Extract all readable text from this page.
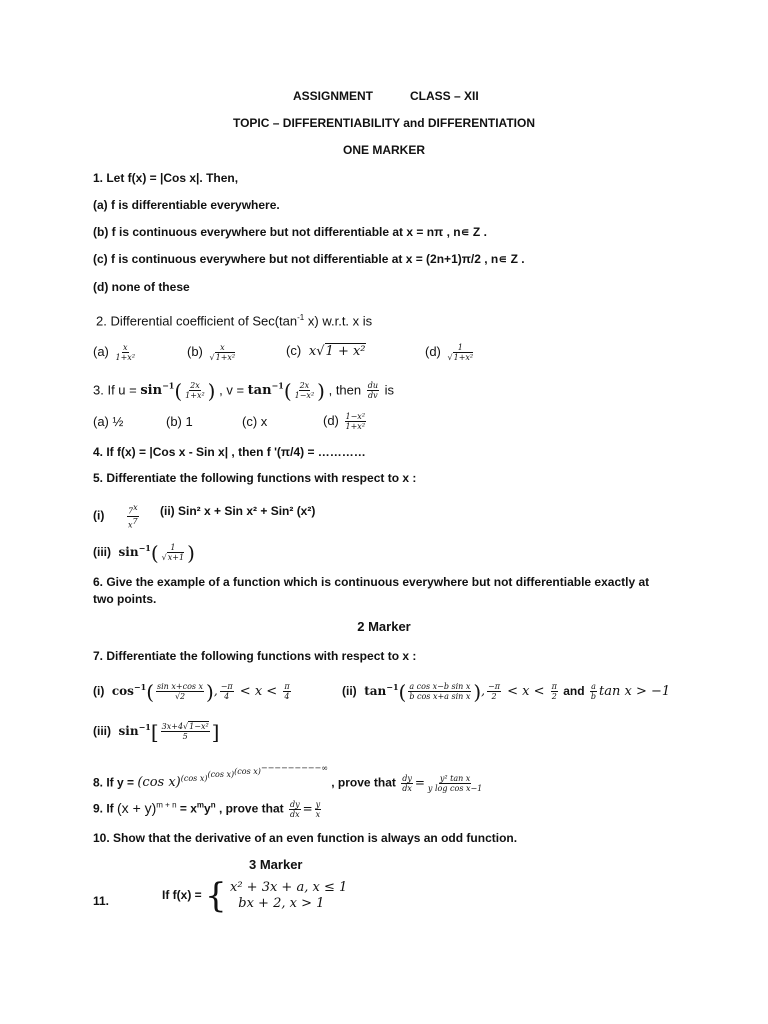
ASSIGNMENT	CLASS – XII
TOPIC – DIFFERENTIABILITY and DIFFERENTIATION
ONE MARKER
1. Let f(x) = |Cos x|. Then,
(a) f is differentiable everywhere.
(b) f is continuous everywhere but not differentiable at x = nπ , n∊ Z .
(c) f is continuous everywhere but not differentiable at x = (2n+1)π/2 , n∊ Z .
(d) none of these
2. Differential coefficient of $Sec(\tan^{-1}$ x) w.r.t. x is
$(a) \frac{x}{\text{1+x²}}$	$(b) \frac{x}{\text{√1+x²}}$	(c)  x√1 + x²	$(d) \frac{1}{\text{√1+x²}}$
3. If $u = \sin^{-1}( \frac{2x}{\text{1+x²}}$ ) , $v = \tan^{-1}( \frac{2x}{\text{1−x²}}$ ) , then $\frac{du}{dv}$ is
(a) ½	(b) 1	(c) x	$(d) \frac{\text{1−x²}}{\text{1+x²}}$
4. If f(x) = |Cos x - Sin x| , then f '(π/4) = …………
5. Differentiate the following functions with respect to x :
(i)	$\frac{7^x}{x^7} (ii)$ Sin² x + Sin x² + Sin² (x²)
(iii)  $\sin^{-1}( \frac{1}{√x+1}$ )
6. Give the example of a function which is continuous everywhere but not differentiable exactly at
two points.
2 Marker
7. Differentiate the following functions with respect to x :
(i)  $\cos^{-1}( \frac{\text{sin x+cos x}}{√2}$ ), $\frac{-\pi}{4} < x < \frac{\pi}{4}$	(ii)  $\tan^{-1}( \frac{\text{a cos x−b sin x}}{\text{b cos x+a sin x}}$ ), $\frac{-\pi}{2} < x < \frac{\pi}{2}$ and $\frac{a}{b}$ tan x > −1
(iii)  $\sin^{-1}[ \frac{\text{3x+4√1−x²}}{5}$ ]
8. If y = (cos x)$^{(cos x)^{(cos x)^{(cos x)^{---------\infty}}}}$ , prove that $\frac{dy}{dx} = \frac{\text{y² tan x}}{\text{y log cos x−1}}$
9. If $(x + y)^{m + n} = x^my^n$ , prove that $\frac{dy}{dx} = \frac{y}{x}$
10. Show that the derivative of an even function is always an odd function.
3 Marker
11.	If f(x) = { x² + 3x + a, x ≤ 1
bx + 2, x > 1
